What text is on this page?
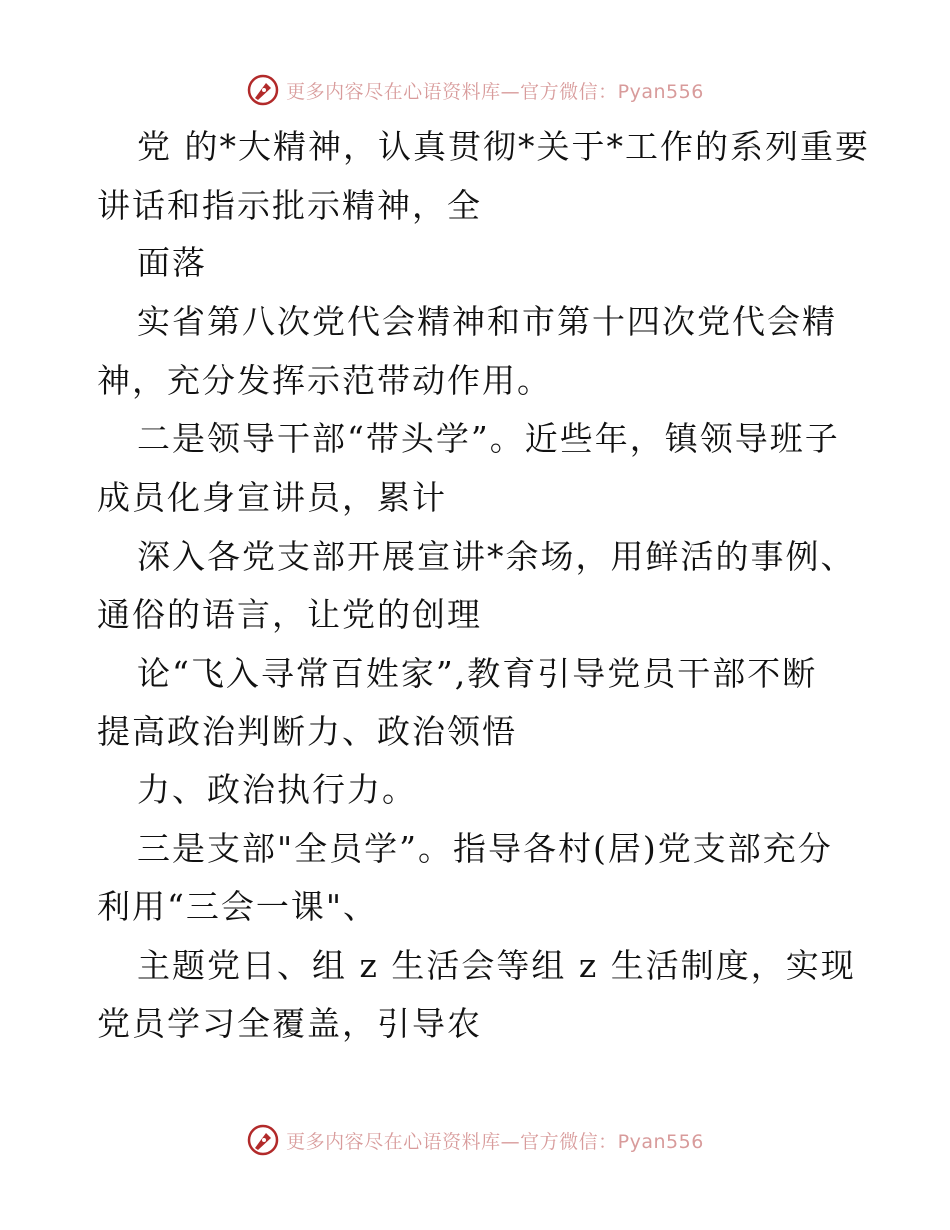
更多内容尽在心语资料库—官方微信：Pyan556
党 的*大精神，认真贯彻*关于*工作的系列重要
讲话和指示批示精神，全
面落
实省第八次党代会精神和市第十四次党代会精
神，充分发挥示范带动作用。
二是领导干部“带头学”。近些年，镇领导班子
成员化身宣讲员，累计
深入各党支部开展宣讲*余场，用鲜活的事例、
通俗的语言，让党的创理
论“飞入寻常百姓家”,教育引导党员干部不断
提高政治判断力、政治领悟
力、政治执行力。
三是支部"全员学”。指导各村(居)党支部充分
利用“三会一课"、
主题党日、组 z 生活会等组 z 生活制度，实现
党员学习全覆盖，引导农
更多内容尽在心语资料库—官方微信：Pyan556
